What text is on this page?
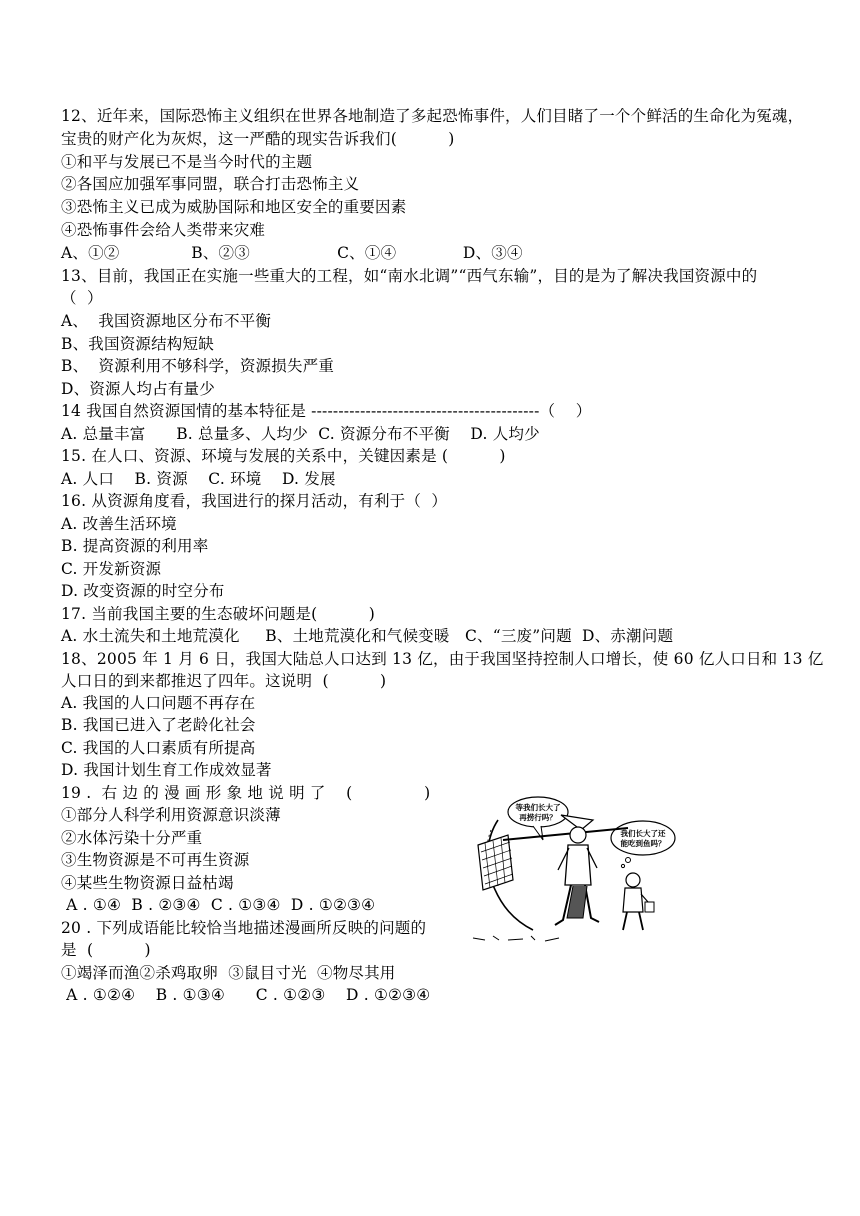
12、近年来，国际恐怖主义组织在世界各地制造了多起恐怖事件，人们目睹了一个个鲜活的生命化为冤魂，
宝贵的财产化为灰烬，这一严酷的现实告诉我们(          )
①和平与发展已不是当今时代的主题
②各国应加强军事同盟，联合打击恐怖主义
③恐怖主义已成为威胁国际和地区安全的重要因素
④恐怖事件会给人类带来灾难
A、①②              B、②③                 C、①④             D、③④
13、目前，我国正在实施一些重大的工程，如“南水北调”“西气东输”，目的是为了解决我国资源中的
（  ）
A、  我国资源地区分布不平衡
B、我国资源结构短缺
B、  资源利用不够科学，资源损失严重
D、资源人均占有量少
14 我国自然资源国情的基本特征是 ------------------------------------------（    ）
A. 总量丰富      B. 总量多、人均少  C. 资源分布不平衡    D. 人均少
15. 在人口、资源、环境与发展的关系中，关键因素是 (          )
A. 人口    B. 资源    C. 环境    D. 发展
16. 从资源角度看，我国进行的探月活动，有利于（  ）
A. 改善生活环境
B. 提高资源的利用率
C. 开发新资源
D. 改变资源的时空分布
17. 当前我国主要的生态破坏问题是(          )
A. 水土流失和土地荒漠化     B、土地荒漠化和气候变暖   C、“三废”问题  D、赤潮问题
18、2005 年 1 月 6 日，我国大陆总人口达到 13 亿，由于我国坚持控制人口增长，使 60 亿人口日和 13 亿
人口日的到来都推迟了四年。这说明  (          )
A. 我国的人口问题不再存在
B. 我国已进入了老龄化社会
C. 我国的人口素质有所提高
D. 我国计划生育工作成效显著
19 .  右 边 的 漫 画 形 象 地 说 明 了    (              )
①部分人科学利用资源意识淡薄
②水体污染十分严重
③生物资源是不可再生资源
④某些生物资源日益枯竭
A . ①④  B . ②③④  C . ①③④  D . ①②③④
20 . 下列成语能比较恰当地描述漫画所反映的问题的
是  (          )
①竭泽而渔②杀鸡取卵  ③鼠目寸光  ④物尽其用
A . ①②④    B . ①③④      C . ①②③    D . ①②③④
等我们长大了
再捞行吗？
我们长大了还
能吃到鱼吗？
